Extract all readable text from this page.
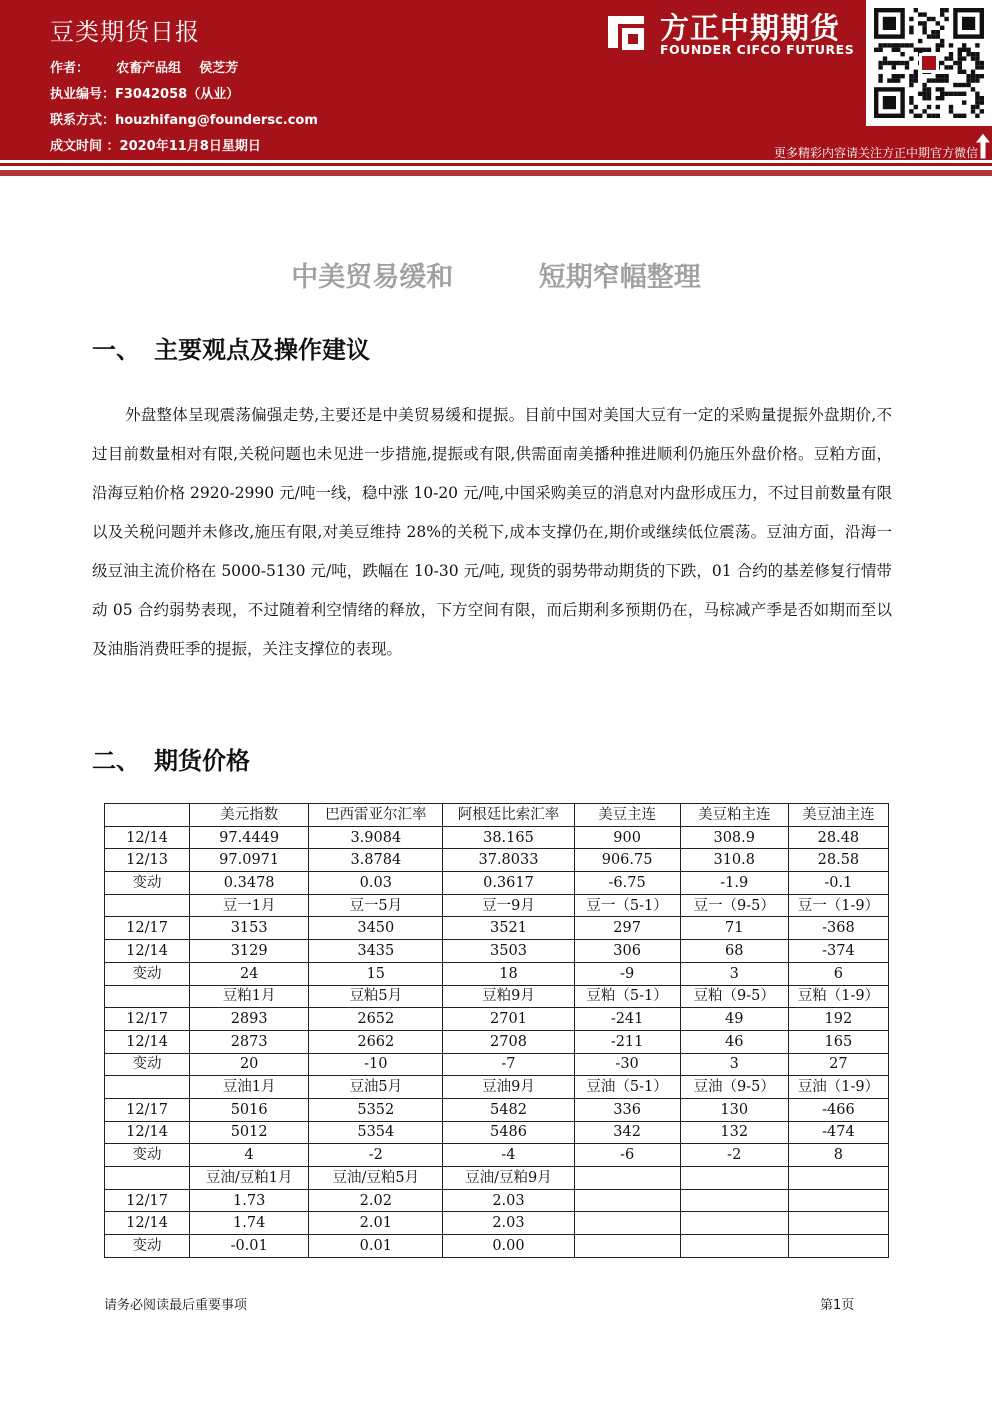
豆类期货日报
作者：      农畜产品组    侯芝芳
执业编号：F3042058（从业）
联系方式：houzhifang@foundersc.com
成文时间 ：2020年11月8日星期日
方正中期期货
FOUNDER CIFCO FUTURES
更多精彩内容请关注方正中期官方微信
中美贸易缓和	短期窄幅整理
一、 主要观点及操作建议

外盘整体呈现震荡偏强走势,主要还是中美贸易缓和提振。目前中国对美国大豆有一定的采购量提振外盘期价,不过目前数量相对有限,关税问题也未见进一步措施,提振或有限,供需面南美播种推进顺利仍施压外盘价格。豆粕方面，沿海豆粕价格 2920-2990 元/吨一线，稳中涨 10-20 元/吨,中国采购美豆的消息对内盘形成压力，不过目前数量有限以及关税问题并未修改,施压有限,对美豆维持 28%的关税下,成本支撑仍在,期价或继续低位震荡。豆油方面，沿海一级豆油主流价格在 5000-5130 元/吨，跌幅在 10-30 元/吨, 现货的弱势带动期货的下跌，01 合约的基差修复行情带动 05 合约弱势表现，不过随着利空情绪的释放，下方空间有限，而后期利多预期仍在，马棕减产季是否如期而至以及油脂消费旺季的提振，关注支撑位的表现。

二、 期货价格
	美元指数	巴西雷亚尔汇率	阿根廷比索汇率	美豆主连	美豆粕主连	美豆油主连
12/14	97.4449	3.9084	38.165	900	308.9	28.48
12/13	97.0971	3.8784	37.8033	906.75	310.8	28.58
变动	0.3478	0.03	0.3617	-6.75	-1.9	-0.1
	豆一1月	豆一5月	豆一9月	豆一（5-1）	豆一（9-5）	豆一（1-9）
12/17	3153	3450	3521	297	71	-368
12/14	3129	3435	3503	306	68	-374
变动	24	15	18	-9	3	6
	豆粕1月	豆粕5月	豆粕9月	豆粕（5-1）	豆粕（9-5）	豆粕（1-9）
12/17	2893	2652	2701	-241	49	192
12/14	2873	2662	2708	-211	46	165
变动	20	-10	-7	-30	3	27
	豆油1月	豆油5月	豆油9月	豆油（5-1）	豆油（9-5）	豆油（1-9）
12/17	5016	5352	5482	336	130	-466
12/14	5012	5354	5486	342	132	-474
变动	4	-2	-4	-6	-2	8
	豆油/豆粕1月	豆油/豆粕5月	豆油/豆粕9月			
12/17	1.73	2.02	2.03			
12/14	1.74	2.01	2.03			
变动	-0.01	0.01	0.00			
请务必阅读最后重要事项	第1页
